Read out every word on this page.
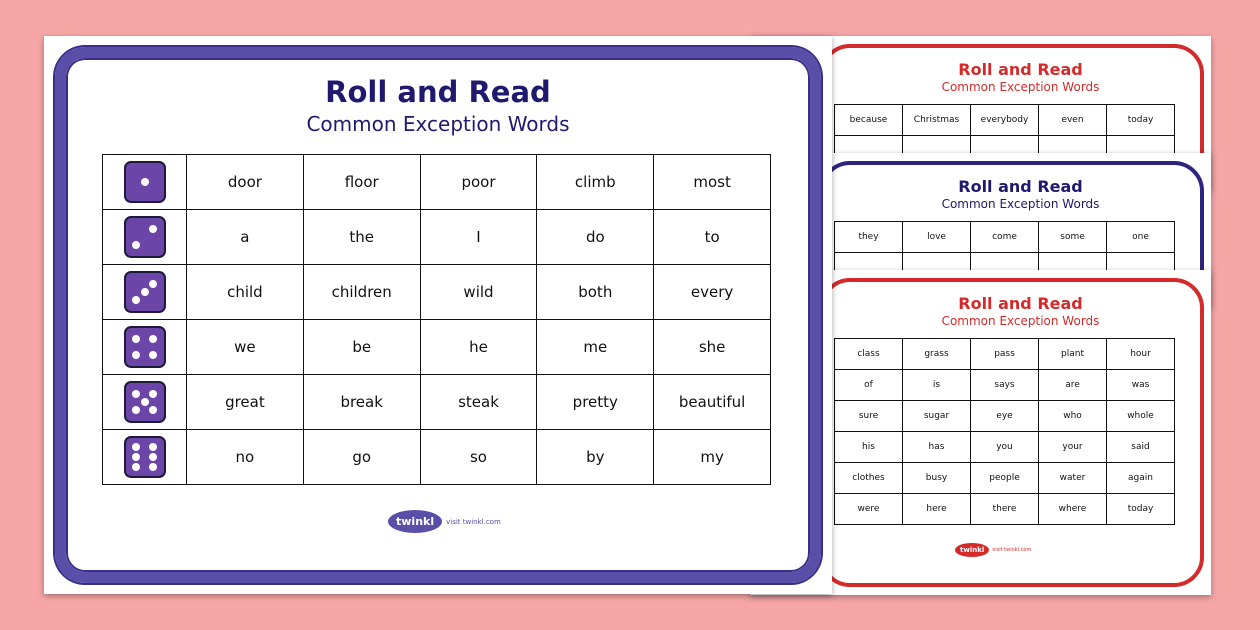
Roll and Read
Common Exception Words
because	Christmas	everybody	even	today

Roll and Read
Common Exception Words
they	love	come	some	one

Roll and Read
Common Exception Words
class	grass	pass	plant	hour
of	is	says	are	was
sure	sugar	eye	who	whole
his	has	you	your	said
clothes	busy	people	water	again
were	here	there	where	today
twinkl	visit twinkl.com
Roll and Read
Common Exception Words
	door	floor	poor	climb	most

	a	the	I	do	to

	child	children	wild	both	every

	we	be	he	me	she

	great	break	steak	pretty	beautiful

	no	go	so	by	my
twinkl	visit twinkl.com
